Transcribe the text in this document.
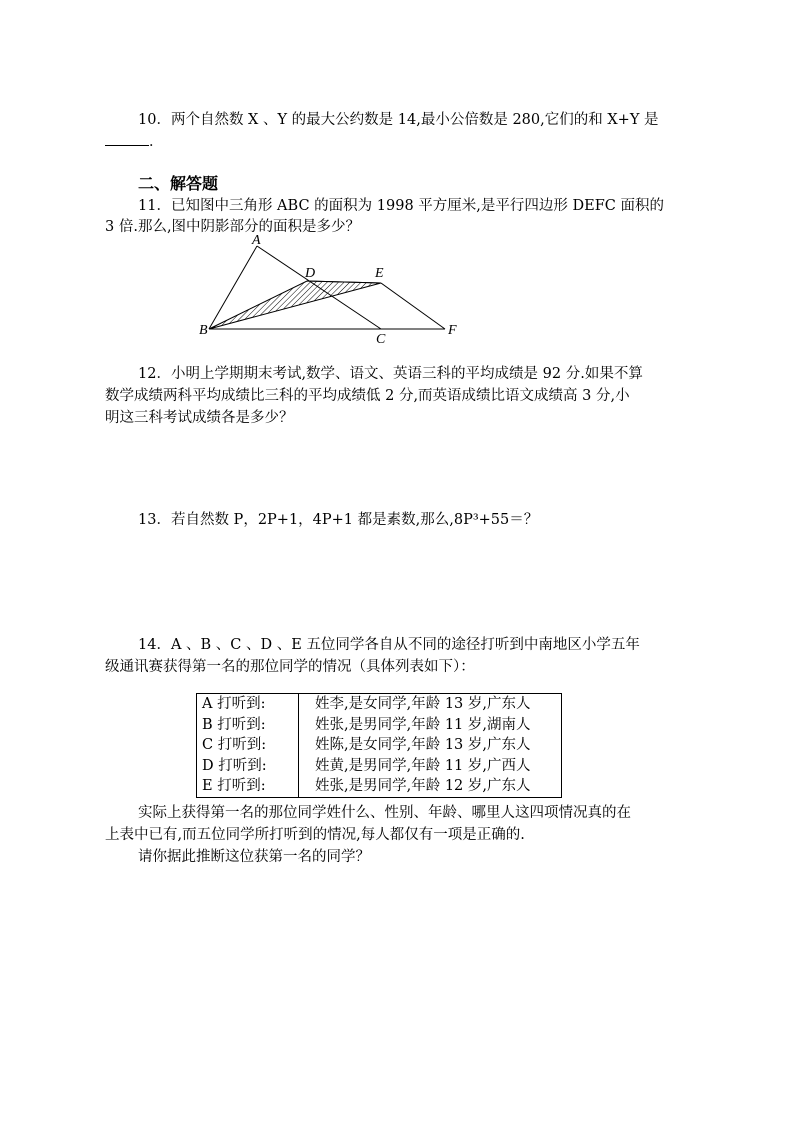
10．两个自然数 X 、Y 的最大公约数是 14,最小公倍数是 280,它们的和 X+Y 是
．
二、解答题
11．已知图中三角形 ABC 的面积为 1998 平方厘米,是平行四边形 DEFC 面积的
3 倍.那么,图中阴影部分的面积是多少？
A
B
C
D	E
F
12．小明上学期期末考试,数学、语文、英语三科的平均成绩是 92 分.如果不算
数学成绩两科平均成绩比三科的平均成绩低 2 分,而英语成绩比语文成绩高 3 分,小
明这三科考试成绩各是多少？
13．若自然数 P，2P+1，4P+1 都是素数,那么,8P³+55＝？
14．A 、B 、C 、D 、E 五位同学各自从不同的途径打听到中南地区小学五年
级通讯赛获得第一名的那位同学的情况（具体列表如下）：
A 打听到:	姓李,是女同学,年龄 13 岁,广东人
B 打听到:	姓张,是男同学,年龄 11 岁,湖南人
C 打听到:	姓陈,是女同学,年龄 13 岁,广东人
D 打听到:	姓黄,是男同学,年龄 11 岁,广西人
E 打听到:	姓张,是男同学,年龄 12 岁,广东人
实际上获得第一名的那位同学姓什么、性别、年龄、哪里人这四项情况真的在
上表中已有,而五位同学所打听到的情况,每人都仅有一项是正确的.
请你据此推断这位获第一名的同学？
